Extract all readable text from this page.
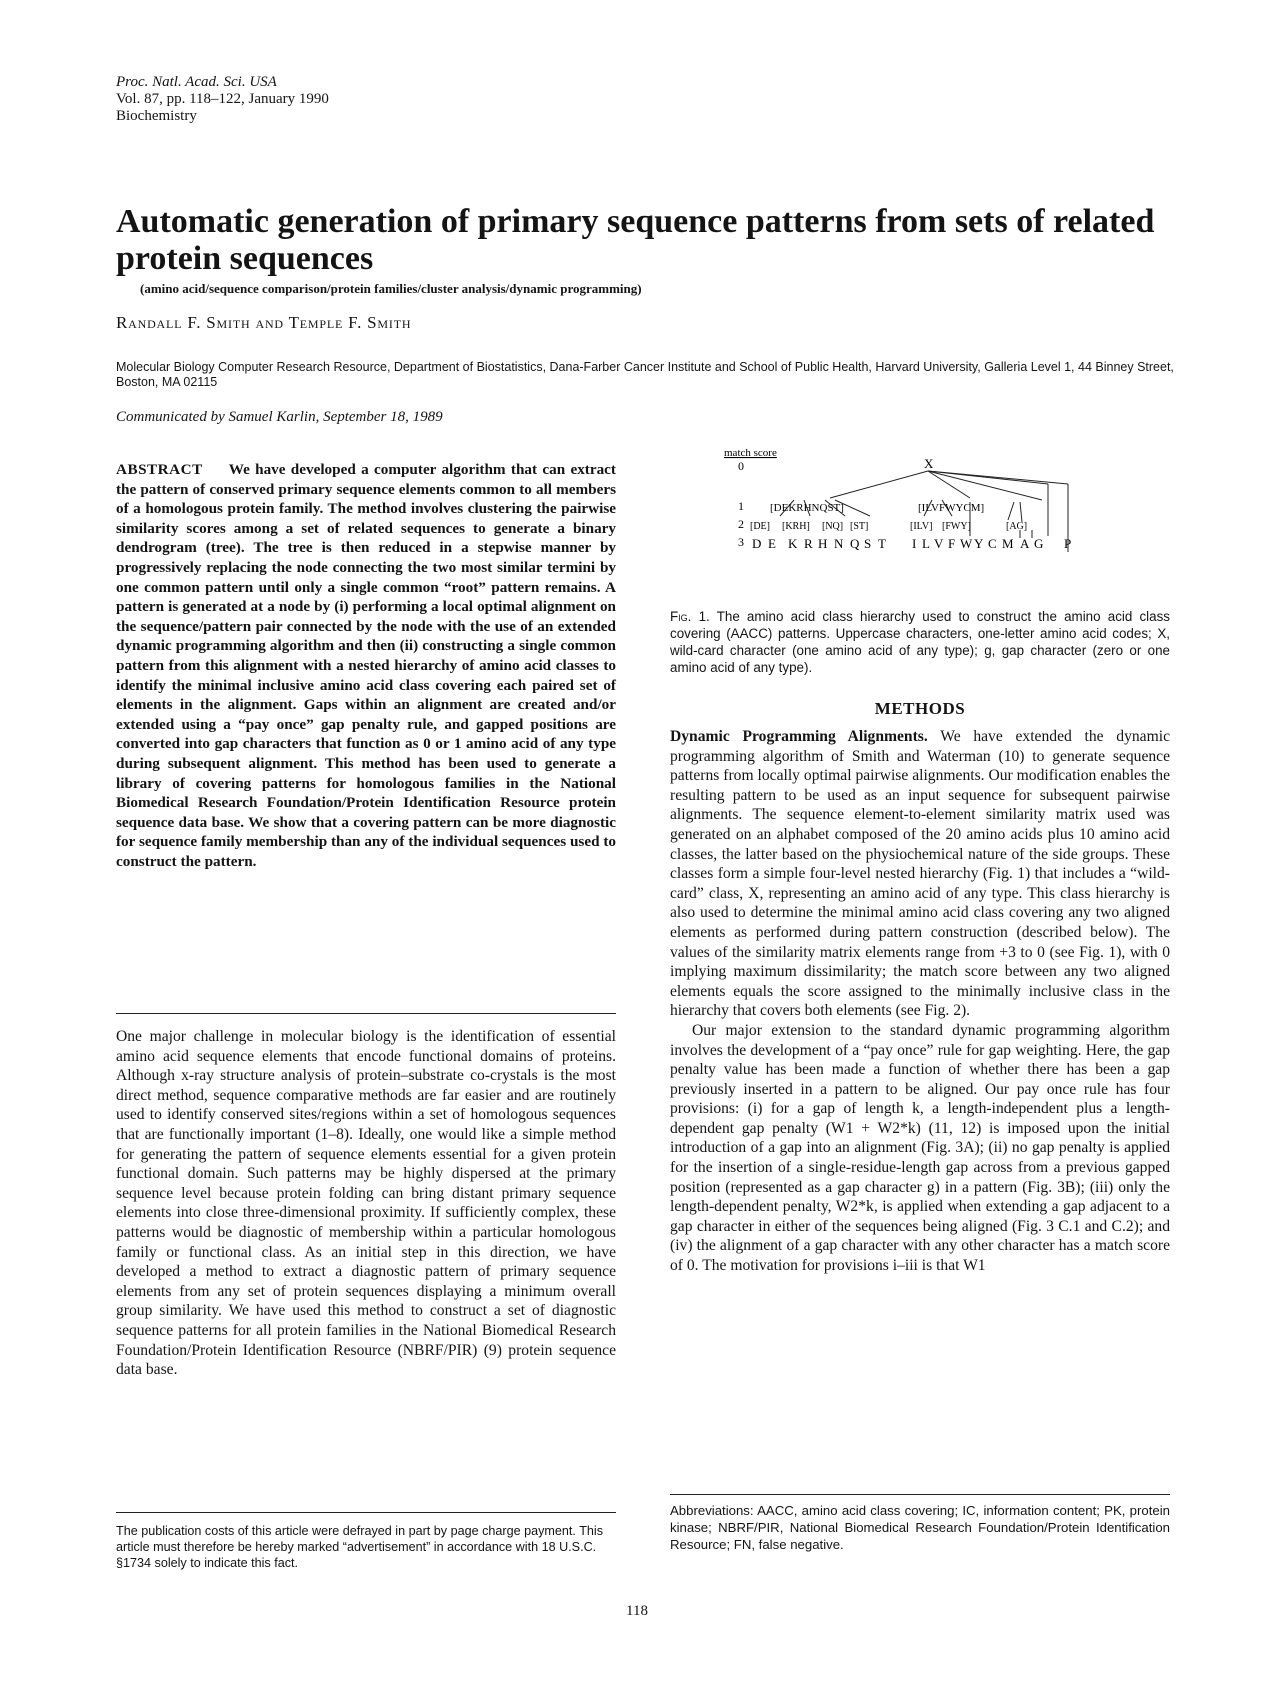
Proc. Natl. Acad. Sci. USA
Vol. 87, pp. 118–122, January 1990
Biochemistry
Automatic generation of primary sequence patterns from sets of related protein sequences
(amino acid/sequence comparison/protein families/cluster analysis/dynamic programming)
Randall F. Smith and Temple F. Smith
Molecular Biology Computer Research Resource, Department of Biostatistics, Dana-Farber Cancer Institute and School of Public Health, Harvard University, Galleria Level 1, 44 Binney Street, Boston, MA 02115
Communicated by Samuel Karlin, September 18, 1989
ABSTRACT We have developed a computer algorithm that can extract the pattern of conserved primary sequence elements common to all members of a homologous protein family. The method involves clustering the pairwise similarity scores among a set of related sequences to generate a binary dendrogram (tree). The tree is then reduced in a stepwise manner by progressively replacing the node connecting the two most similar termini by one common pattern until only a single common “root” pattern remains. A pattern is generated at a node by (i) performing a local optimal alignment on the sequence/pattern pair connected by the node with the use of an extended dynamic programming algorithm and then (ii) constructing a single common pattern from this alignment with a nested hierarchy of amino acid classes to identify the minimal inclusive amino acid class covering each paired set of elements in the alignment. Gaps within an alignment are created and/or extended using a “pay once” gap penalty rule, and gapped positions are converted into gap characters that function as 0 or 1 amino acid of any type during subsequent alignment. This method has been used to generate a library of covering patterns for homologous families in the National Biomedical Research Foundation/Protein Identification Resource protein sequence data base. We show that a covering pattern can be more diagnostic for sequence family membership than any of the individual sequences used to construct the pattern.

One major challenge in molecular biology is the identification of essential amino acid sequence elements that encode functional domains of proteins. Although x-ray structure analysis of protein–substrate co-crystals is the most direct method, sequence comparative methods are far easier and are routinely used to identify conserved sites/regions within a set of homologous sequences that are functionally important (1–8). Ideally, one would like a simple method for generating the pattern of sequence elements essential for a given protein functional domain. Such patterns may be highly dispersed at the primary sequence level because protein folding can bring distant primary sequence elements into close three-dimensional proximity. If sufficiently complex, these patterns would be diagnostic of membership within a particular homologous family or functional class. As an initial step in this direction, we have developed a method to extract a diagnostic pattern of primary sequence elements from any set of protein sequences displaying a minimum overall group similarity. We have used this method to construct a set of diagnostic sequence patterns for all protein families in the National Biomedical Research Foundation/Protein Identification Resource (NBRF/PIR) (9) protein sequence data base.

The publication costs of this article were defrayed in part by page charge payment. This article must therefore be hereby marked “advertisement” in accordance with 18 U.S.C. §1734 solely to indicate this fact.
118
match score
0
1
2
3
X
[DEKRHNQST]	[ILVFWYCM]
[DE] [KRH] [NQ] [ST]	[ILV] [FWY]	[AG]
D E K R H N Q S T I L V F W Y C M A G P
Fig. 1. The amino acid class hierarchy used to construct the amino acid class covering (AACC) patterns. Uppercase characters, one-letter amino acid codes; X, wild-card character (one amino acid of any type); g, gap character (zero or one amino acid of any type).
METHODS

Dynamic Programming Alignments. We have extended the dynamic programming algorithm of Smith and Waterman (10) to generate sequence patterns from locally optimal pairwise alignments. Our modification enables the resulting pattern to be used as an input sequence for subsequent pairwise alignments. The sequence element-to-element similarity matrix used was generated on an alphabet composed of the 20 amino acids plus 10 amino acid classes, the latter based on the physiochemical nature of the side groups. These classes form a simple four-level nested hierarchy (Fig. 1) that includes a “wild-card” class, X, representing an amino acid of any type. This class hierarchy is also used to determine the minimal amino acid class covering any two aligned elements as performed during pattern construction (described below). The values of the similarity matrix elements range from +3 to 0 (see Fig. 1), with 0 implying maximum dissimilarity; the match score between any two aligned elements equals the score assigned to the minimally inclusive class in the hierarchy that covers both elements (see Fig. 2).

Our major extension to the standard dynamic programming algorithm involves the development of a “pay once” rule for gap weighting. Here, the gap penalty value has been made a function of whether there has been a gap previously inserted in a pattern to be aligned. Our pay once rule has four provisions: (i) for a gap of length k, a length-independent plus a length-dependent gap penalty (W1 + W2*k) (11, 12) is imposed upon the initial introduction of a gap into an alignment (Fig. 3A); (ii) no gap penalty is applied for the insertion of a single-residue-length gap across from a previous gapped position (represented as a gap character g) in a pattern (Fig. 3B); (iii) only the length-dependent penalty, W2*k, is applied when extending a gap adjacent to a gap character in either of the sequences being aligned (Fig. 3 C.1 and C.2); and (iv) the alignment of a gap character with any other character has a match score of 0. The motivation for provisions i–iii is that W1

Abbreviations: AACC, amino acid class covering; IC, information content; PK, protein kinase; NBRF/PIR, National Biomedical Research Foundation/Protein Identification Resource; FN, false negative.
